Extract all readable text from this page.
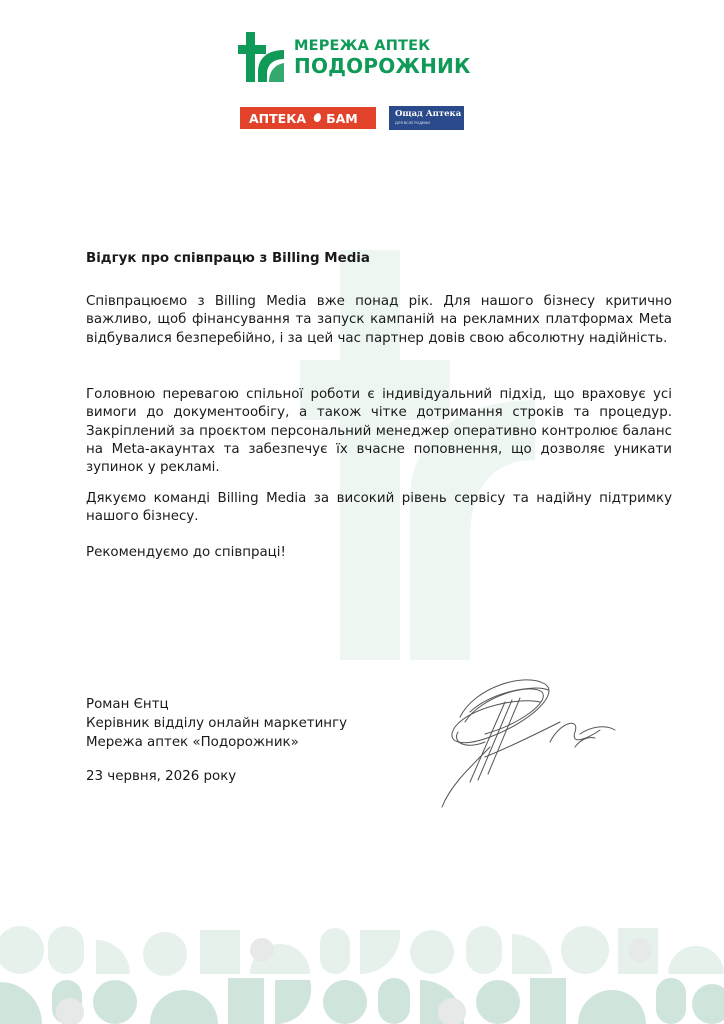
МЕРЕЖА АПТЕК
ПОДОРОЖНИК
АПТЕКА	БАМ	Ощад Аптека
ДЛЯ ВСІЄЇ РОДИНИ
Відгук про співпрацю з Billing Media

Співпрацюємо з Billing Media вже понад рік. Для нашого бізнесу критично важливо, щоб фінансування та запуск кампаній на рекламних платформах Meta відбувалися безперебійно, і за цей час партнер довів свою абсолютну надійність.

Головною перевагою спільної роботи є індивідуальний підхід, що враховує усі вимоги до документообігу, а також чітке дотримання строків та процедур. Закріплений за проєктом персональний менеджер оперативно контролює баланс на Meta-акаунтах та забезпечує їх вчасне поповнення, що дозволяє уникати зупинок у рекламі.

Дякуємо команді Billing Media за високий рівень сервісу та надійну підтримку нашого бізнесу.

Рекомендуємо до співпраці!

Роман Єнтц
Керівник відділу онлайн маркетингу
Мережа аптек «Подорожник»
23 червня, 2026 року
